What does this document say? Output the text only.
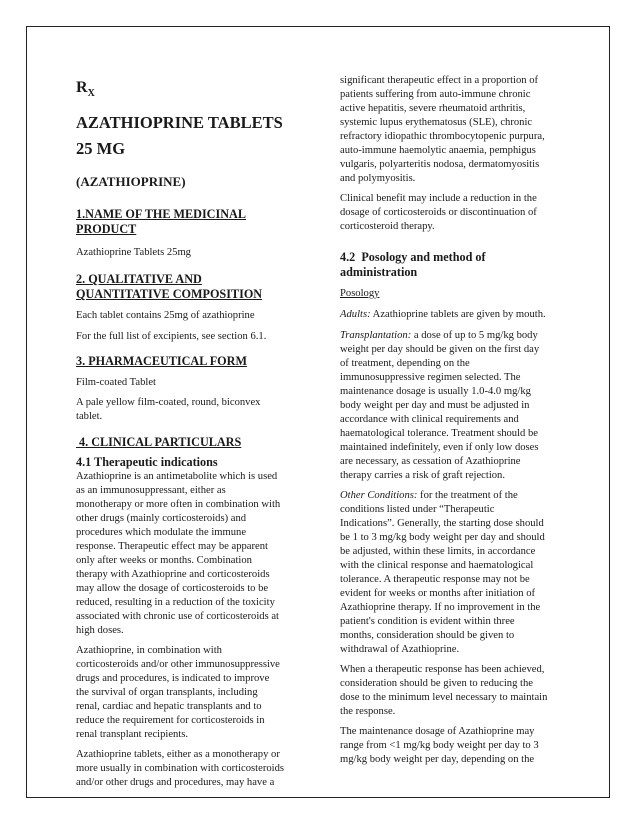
$R_X$
AZATHIOPRINE TABLETS
25 MG
(AZATHIOPRINE)
1.NAME OF THE MEDICINAL
PRODUCT

Azathioprine Tablets 25mg

2. QUALITATIVE AND
QUANTITATIVE COMPOSITION

Each tablet contains 25mg of azathioprine

For the full list of excipients, see section 6.1.

3. PHARMACEUTICAL FORM

Film-coated Tablet

A pale yellow film-coated, round, biconvex

tablet.

4. CLINICAL PARTICULARS
4.1 Therapeutic indications

Azathioprine is an antimetabolite which is used

as an immunosuppressant, either as

monotherapy or more often in combination with

other drugs (mainly corticosteroids) and

procedures which modulate the immune

response. Therapeutic effect may be apparent

only after weeks or months. Combination

therapy with Azathioprine and corticosteroids

may allow the dosage of corticosteroids to be

reduced, resulting in a reduction of the toxicity

associated with chronic use of corticosteroids at

high doses.

Azathioprine, in combination with

corticosteroids and/or other immunosuppressive

drugs and procedures, is indicated to improve

the survival of organ transplants, including

renal, cardiac and hepatic transplants and to

reduce the requirement for corticosteroids in

renal transplant recipients.

Azathioprine tablets, either as a monotherapy or

more usually in combination with corticosteroids

and/or other drugs and procedures, may have a

significant therapeutic effect in a proportion of

patients suffering from auto-immune chronic

active hepatitis, severe rheumatoid arthritis,

systemic lupus erythematosus (SLE), chronic

refractory idiopathic thrombocytopenic purpura,

auto-immune haemolytic anaemia, pemphigus

vulgaris, polyarteritis nodosa, dermatomyositis

and polymyositis.

Clinical benefit may include a reduction in the

dosage of corticosteroids or discontinuation of

corticosteroid therapy.

4.2  Posology and method of
administration

Posology

Adults: Azathioprine tablets are given by mouth.

Transplantation: a dose of up to 5 mg/kg body

weight per day should be given on the first day

of treatment, depending on the

immunosuppressive regimen selected. The

maintenance dosage is usually 1.0-4.0 mg/kg

body weight per day and must be adjusted in

accordance with clinical requirements and

haematological tolerance. Treatment should be

maintained indefinitely, even if only low doses

are necessary, as cessation of Azathioprine

therapy carries a risk of graft rejection.

Other Conditions: for the treatment of the

conditions listed under “Therapeutic

Indications”. Generally, the starting dose should

be 1 to 3 mg/kg body weight per day and should

be adjusted, within these limits, in accordance

with the clinical response and haematological

tolerance. A therapeutic response may not be

evident for weeks or months after initiation of

Azathioprine therapy. If no improvement in the

patient's condition is evident within three

months, consideration should be given to

withdrawal of Azathioprine.

When a therapeutic response has been achieved,

consideration should be given to reducing the

dose to the minimum level necessary to maintain

the response.

The maintenance dosage of Azathioprine may

range from <1 mg/kg body weight per day to 3

mg/kg body weight per day, depending on the
